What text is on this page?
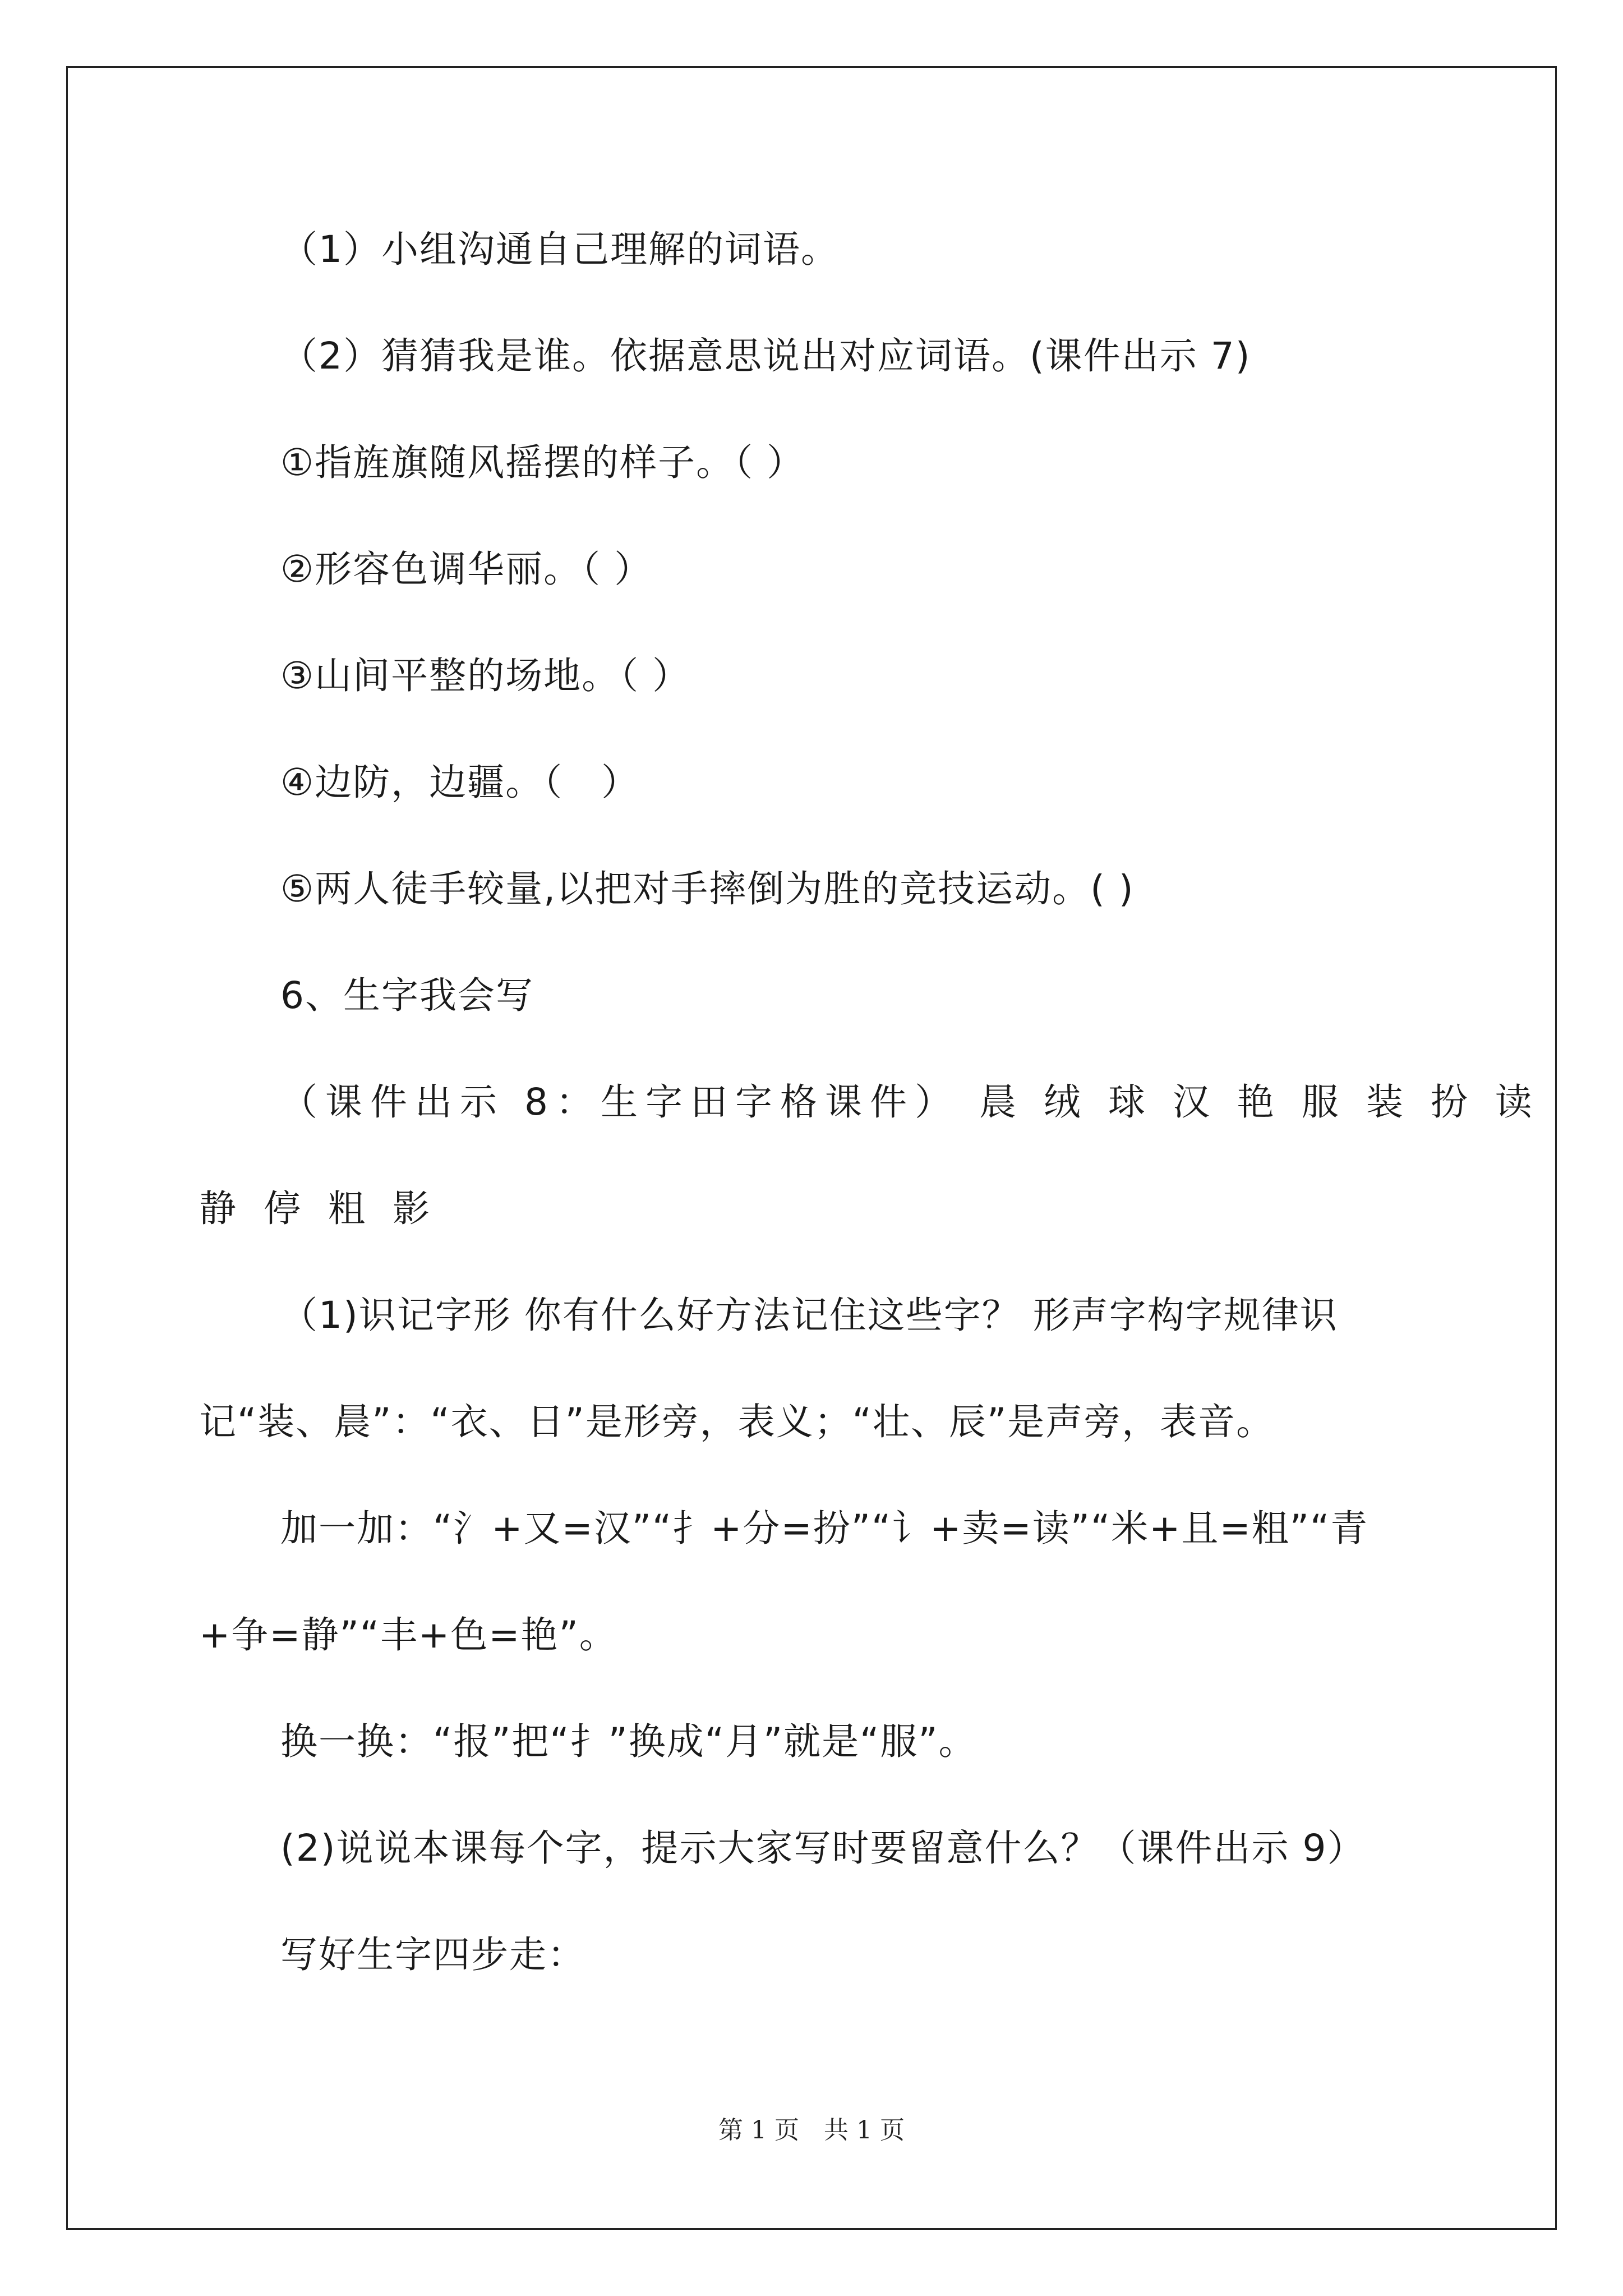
（1）小组沟通自己理解的词语。
（2）猜猜我是谁。依据意思说出对应词语。(课件出示 7)
①指旌旗随风摇摆的样子。（ ）
②形容色调华丽。（ ）
③山间平整的场地。（ ）
④边防，边疆。（　）
⑤两人徒手较量,以把对手摔倒为胜的竞技运动。( )
6、生字我会写
（课件出示 8：生字田字格课件） 晨 绒 球 汉 艳 服 装 扮 读
静 停 粗 影
（1)识记字形 你有什么好方法记住这些字？ 形声字构字规律识
记“装、晨”：“衣、日”是形旁，表义；“壮、辰”是声旁，表音。
加一加：“氵+又=汉”“扌+分=扮”“讠+卖=读”“米+且=粗”“青
+争=静”“丰+色=艳”。
换一换：“报”把“扌”换成“月”就是“服”。
(2)说说本课每个字，提示大家写时要留意什么？（课件出示 9）
写好生字四步走：
第 1 页　共 1 页
